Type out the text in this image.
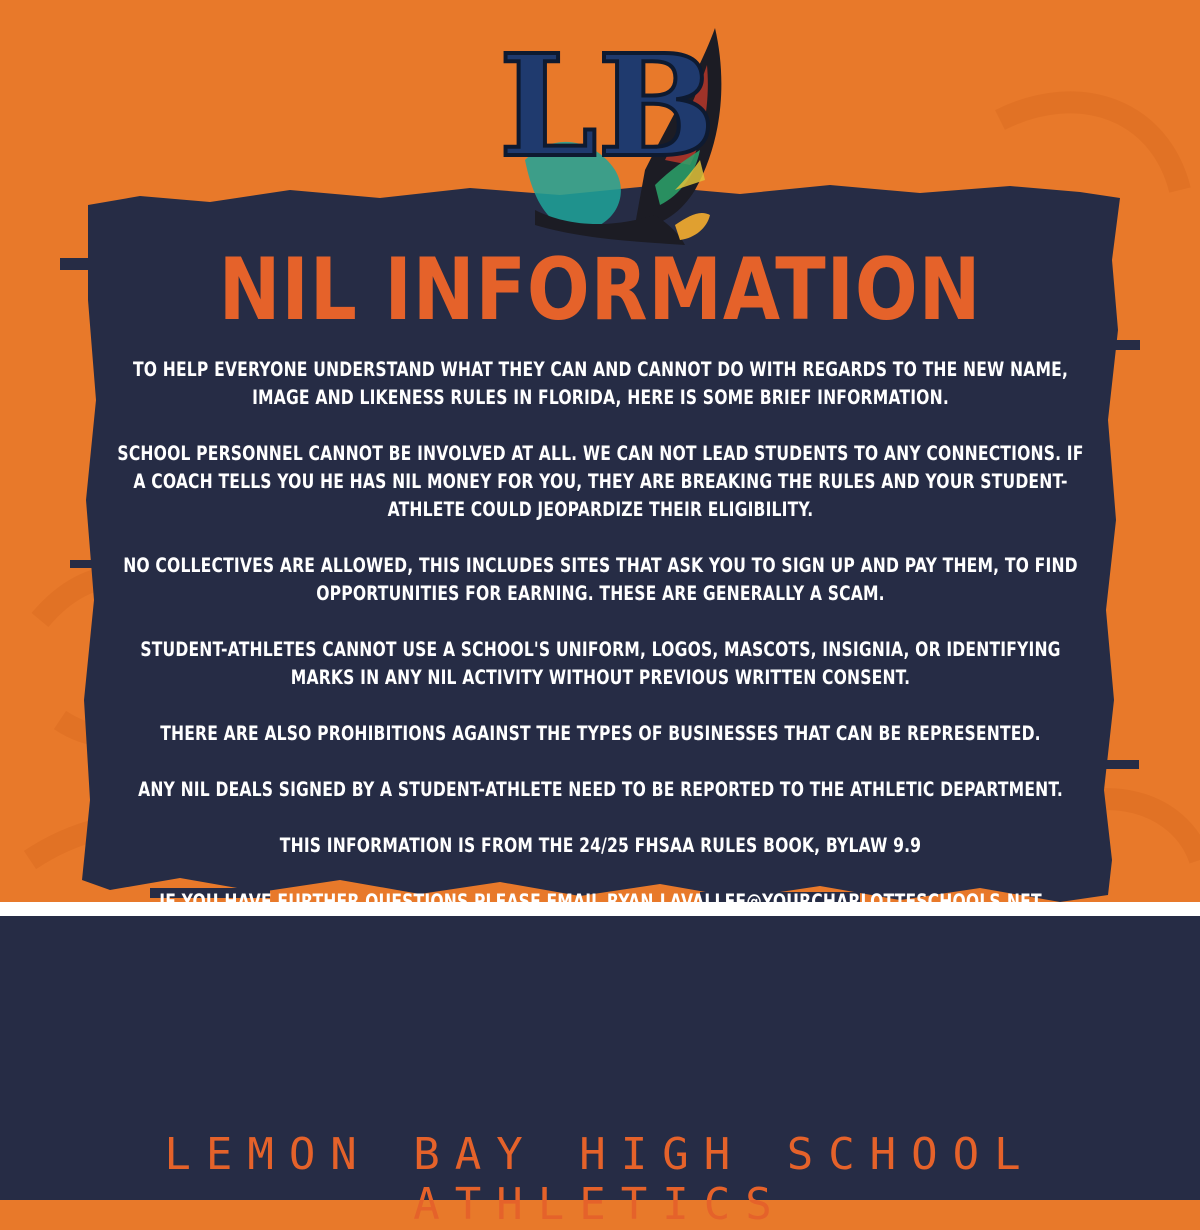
LB
NIL INFORMATION

TO HELP EVERYONE UNDERSTAND WHAT THEY CAN AND CANNOT DO WITH REGARDS TO THE NEW NAME, IMAGE AND LIKENESS RULES IN FLORIDA, HERE IS SOME BRIEF INFORMATION.

SCHOOL PERSONNEL CANNOT BE INVOLVED AT ALL. WE CAN NOT LEAD STUDENTS TO ANY CONNECTIONS. IF A COACH TELLS YOU HE HAS NIL MONEY FOR YOU, THEY ARE BREAKING THE RULES AND YOUR STUDENT-ATHLETE COULD JEOPARDIZE THEIR ELIGIBILITY.

NO COLLECTIVES ARE ALLOWED, THIS INCLUDES SITES THAT ASK YOU TO SIGN UP AND PAY THEM, TO FIND OPPORTUNITIES FOR EARNING. THESE ARE GENERALLY A SCAM.

STUDENT-ATHLETES CANNOT USE A SCHOOL'S UNIFORM, LOGOS, MASCOTS, INSIGNIA, OR IDENTIFYING MARKS IN ANY NIL ACTIVITY WITHOUT PREVIOUS WRITTEN CONSENT.

THERE ARE ALSO PROHIBITIONS AGAINST THE TYPES OF BUSINESSES THAT CAN BE REPRESENTED.

ANY NIL DEALS SIGNED BY A STUDENT-ATHLETE NEED TO BE REPORTED TO THE ATHLETIC DEPARTMENT.

THIS INFORMATION IS FROM THE 24/25 FHSAA RULES BOOK, BYLAW 9.9

LEMON BAY HIGH SCHOOL ATHLETICS
